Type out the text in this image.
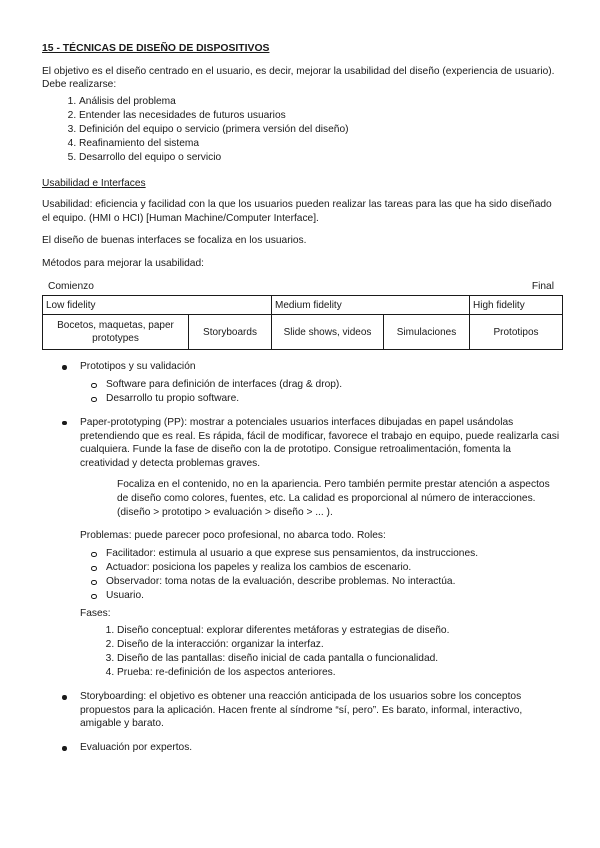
15 - TÉCNICAS DE DISEÑO DE DISPOSITIVOS

El objetivo es el diseño centrado en el usuario, es decir, mejorar la usabilidad del diseño (experiencia de usuario). Debe realizarse:

1. Análisis del problema
2. Entender las necesidades de futuros usuarios
3. Definición del equipo o servicio (primera versión del diseño)
4. Reafinamiento del sistema
5. Desarrollo del equipo o servicio

Usabilidad e Interfaces

Usabilidad: eficiencia y facilidad con la que los usuarios pueden realizar las tareas para las que ha sido diseñado el equipo. (HMI o HCI) [Human Machine/Computer Interface].

El diseño de buenas interfaces se focaliza en los usuarios.

Métodos para mejorar la usabilidad:

Comienzo	Final
Low fidelity		Medium fidelity		High fidelity
Bocetos, maquetas, paper prototypes	Storyboards	Slide shows, videos	Simulaciones	Prototipos
Prototipos y su validación
Software para definición de interfaces (drag & drop).
Desarrollo tu propio software.

Paper-prototyping (PP): mostrar a potenciales usuarios interfaces dibujadas en papel usándolas pretendiendo que es real. Es rápida, fácil de modificar, favorece el trabajo en equipo, puede realizarla casi cualquiera. Funde la fase de diseño con la de prototipo. Consigue retroalimentación, fomenta la creatividad y detecta problemas graves.

Focaliza en el contenido, no en la apariencia. Pero también permite prestar atención a aspectos de diseño como colores, fuentes, etc. La calidad es proporcional al número de interacciones.

(diseño > prototipo > evaluación > diseño > ... ).

Problemas: puede parecer poco profesional, no abarca todo. Roles:

Facilitador: estimula al usuario a que exprese sus pensamientos, da instrucciones.
Actuador: posiciona los papeles y realiza los cambios de escenario.
Observador: toma notas de la evaluación, describe problemas. No interactúa.
Usuario.

Fases:

1. Diseño conceptual: explorar diferentes metáforas y estrategias de diseño.
2. Diseño de la interacción: organizar la interfaz.
3. Diseño de las pantallas: diseño inicial de cada pantalla o funcionalidad.
4. Prueba: re-definición de los aspectos anteriores.
Storyboarding: el objetivo es obtener una reacción anticipada de los usuarios sobre los conceptos propuestos para la aplicación. Hacen frente al síndrome “sí, pero”. Es barato, informal, interactivo, amigable y barato.
Evaluación por expertos.
